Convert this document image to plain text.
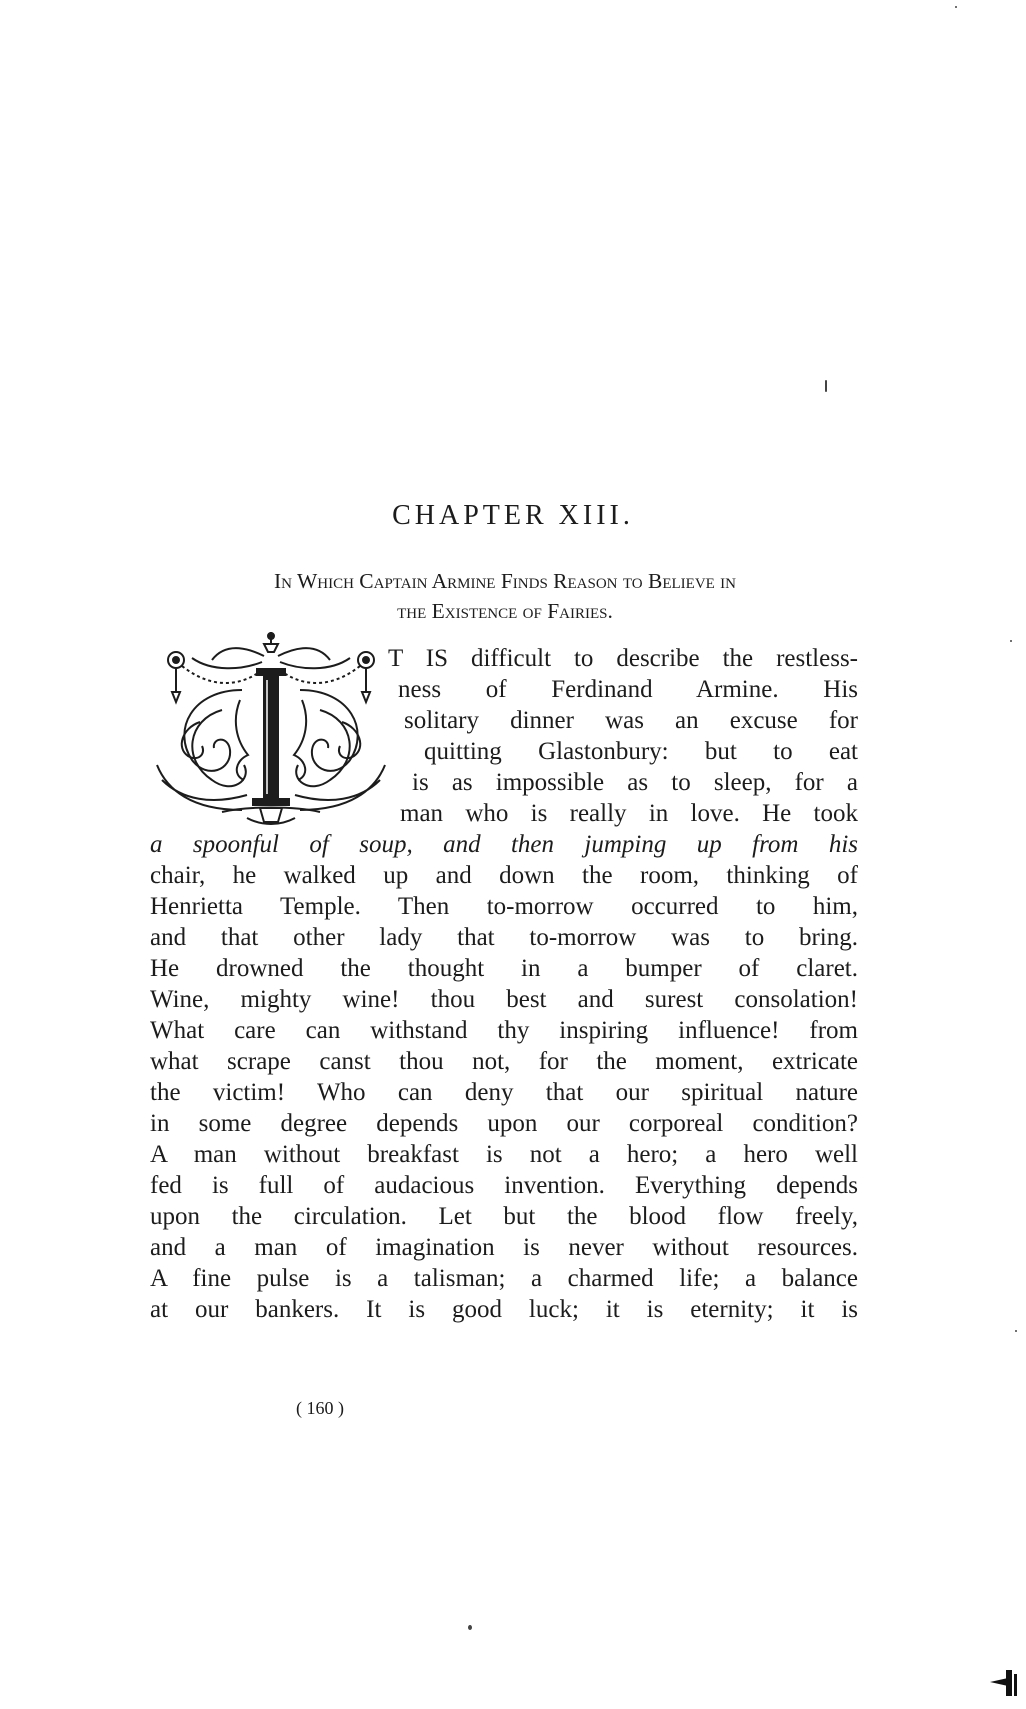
CHAPTER XIII.
In Which Captain Armine Finds Reason to Believe in
the Existence of Fairies.

T IS difficult to describe the restless-

ness of Ferdinand Armine. His

solitary dinner was an excuse for

quitting Glastonbury: but to eat

is as impossible as to sleep, for a

man who is really in love. He took

a spoonful of soup, and then jumping up from his

chair, he walked up and down the room, thinking of

Henrietta Temple. Then to-morrow occurred to him,

and that other lady that to-morrow was to bring.

He drowned the thought in a bumper of claret.

Wine, mighty wine! thou best and surest consolation!

What care can withstand thy inspiring influence! from

what scrape canst thou not, for the moment, extricate

the victim! Who can deny that our spiritual nature

in some degree depends upon our corporeal condition?

A man without breakfast is not a hero; a hero well

fed is full of audacious invention. Everything depends

upon the circulation. Let but the blood flow freely,

and a man of imagination is never without resources.

A fine pulse is a talisman; a charmed life; a balance

at our bankers. It is good luck; it is eternity; it is

( 160 )
